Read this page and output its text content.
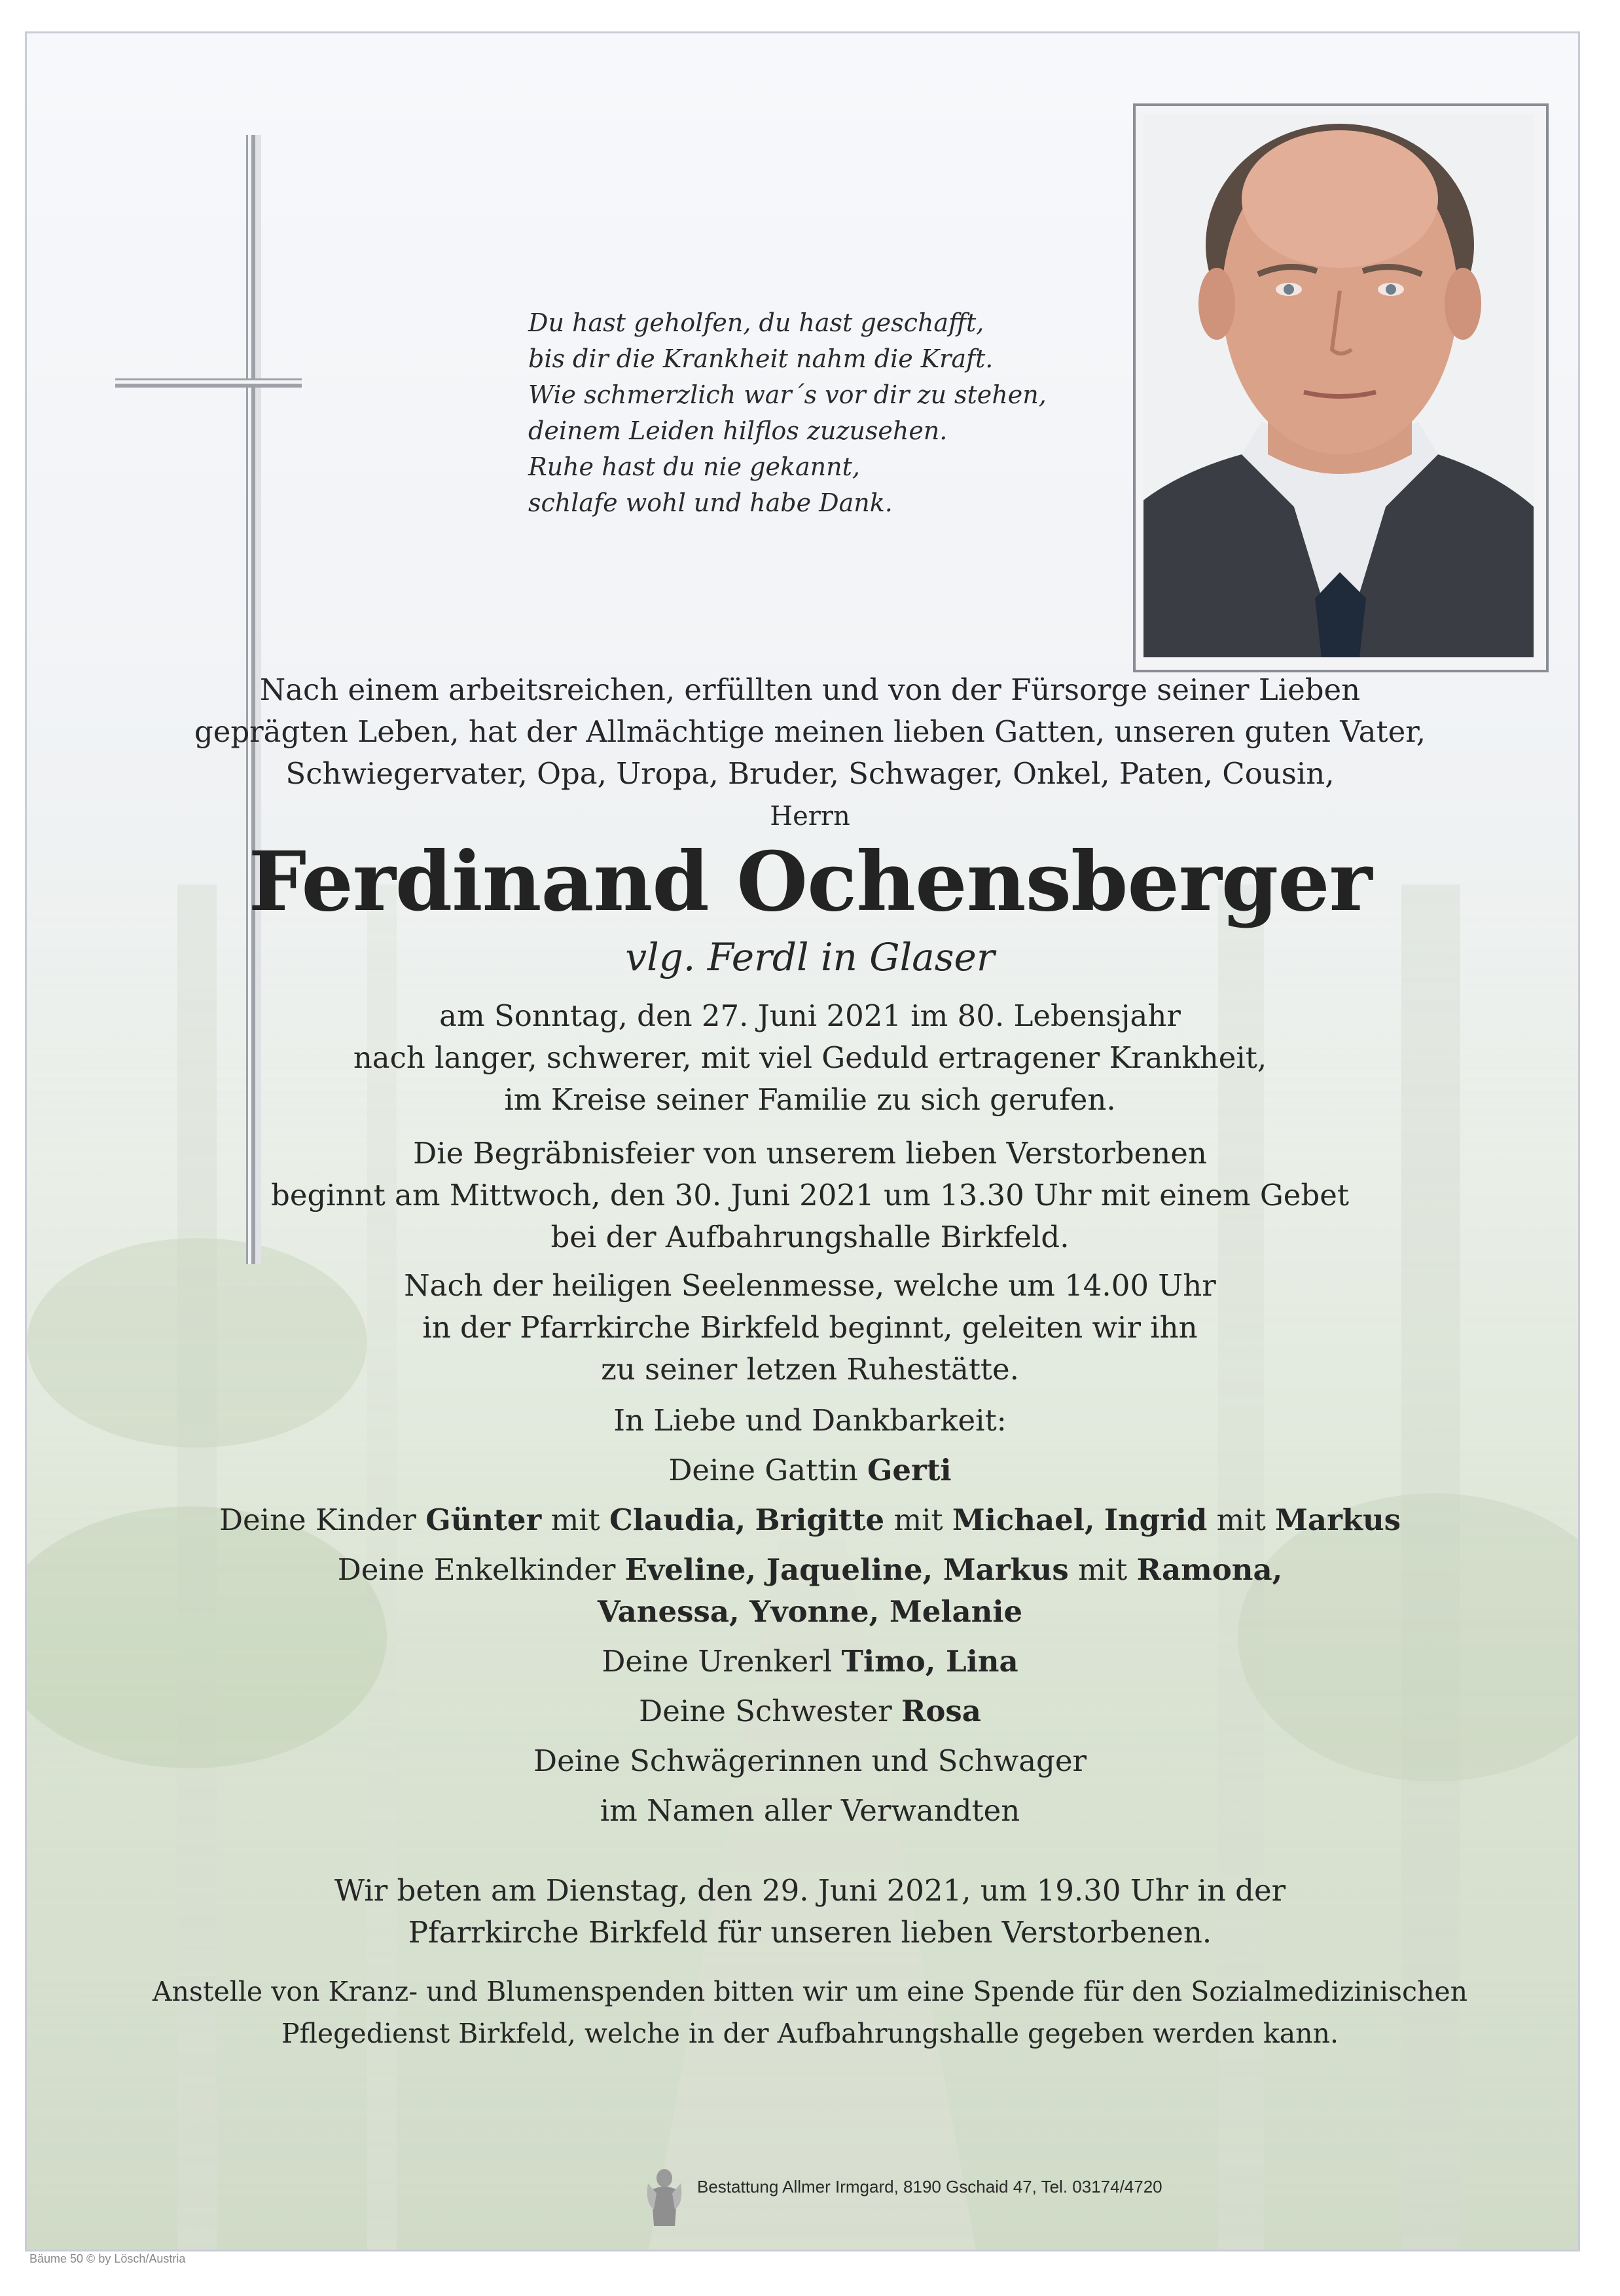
Du hast geholfen, du hast geschafft,
bis dir die Krankheit nahm die Kraft.
Wie schmerzlich war´s vor dir zu stehen,
deinem Leiden hilflos zuzusehen.
Ruhe hast du nie gekannt,
schlafe wohl und habe Dank.
Nach einem arbeitsreichen, erfüllten und von der Fürsorge seiner Lieben
geprägten Leben, hat der Allmächtige meinen lieben Gatten, unseren guten Vater,
Schwiegervater, Opa, Uropa, Bruder, Schwager, Onkel, Paten, Cousin,
Herrn
Ferdinand Ochensberger
vlg. Ferdl in Glaser
am Sonntag, den 27. Juni 2021 im 80. Lebensjahr
nach langer, schwerer, mit viel Geduld ertragener Krankheit,
im Kreise seiner Familie zu sich gerufen.
Die Begräbnisfeier von unserem lieben Verstorbenen
beginnt am Mittwoch, den 30. Juni 2021 um 13.30 Uhr mit einem Gebet
bei der Aufbahrungshalle Birkfeld.
Nach der heiligen Seelenmesse, welche um 14.00 Uhr
in der Pfarrkirche Birkfeld beginnt, geleiten wir ihn
zu seiner letzen Ruhestätte.
In Liebe und Dankbarkeit:
Deine Gattin Gerti
Deine Kinder Günter mit Claudia, Brigitte mit Michael, Ingrid mit Markus
Deine Enkelkinder Eveline, Jaqueline, Markus mit Ramona,
Vanessa, Yvonne, Melanie
Deine Urenkerl Timo, Lina
Deine Schwester Rosa
Deine Schwägerinnen und Schwager
im Namen aller Verwandten
Wir beten am Dienstag, den 29. Juni 2021, um 19.30 Uhr in der
Pfarrkirche Birkfeld für unseren lieben Verstorbenen.
Anstelle von Kranz- und Blumenspenden bitten wir um eine Spende für den Sozialmedizinischen
Pflegedienst Birkfeld, welche in der Aufbahrungshalle gegeben werden kann.
Bestattung Allmer Irmgard, 8190 Gschaid 47, Tel. 03174/4720
Bäume 50 © by Lösch/Austria
